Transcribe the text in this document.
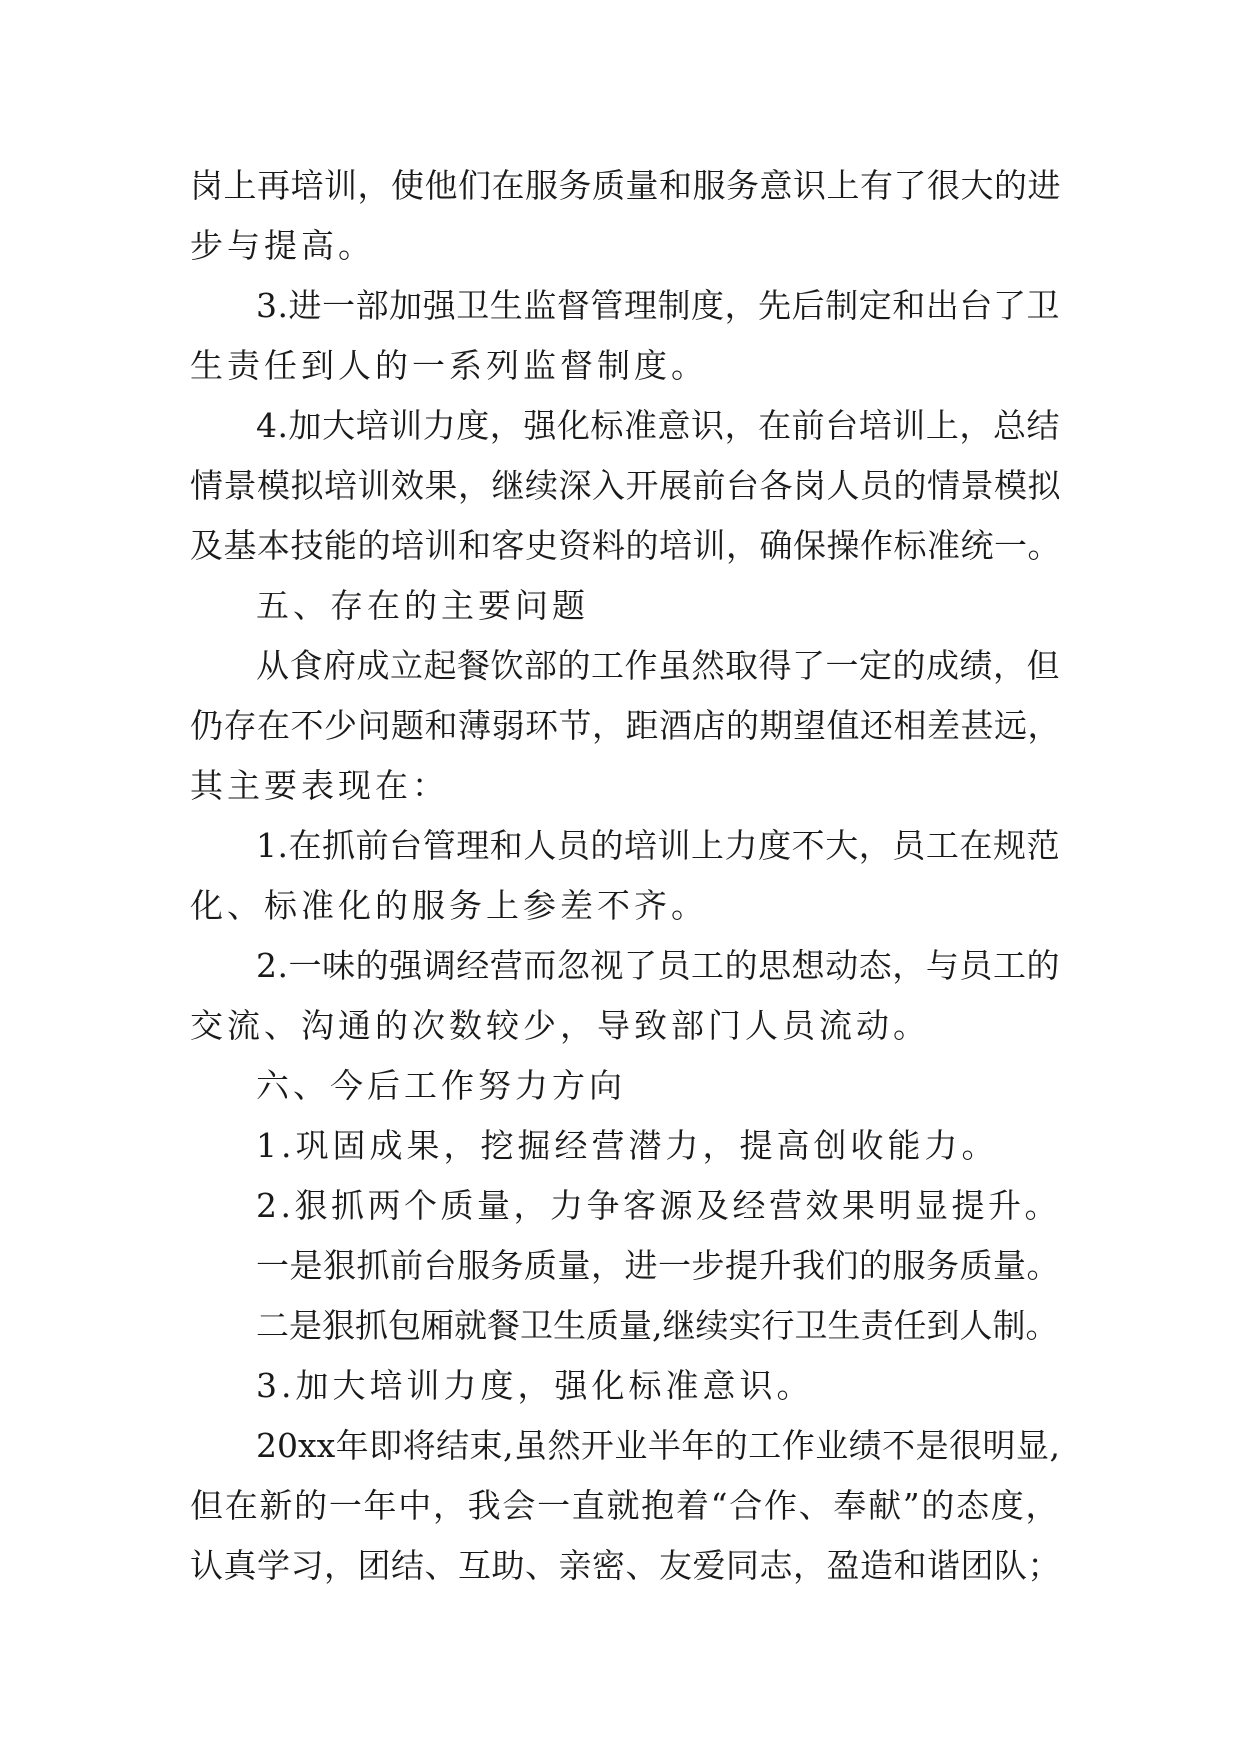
岗上再培训，使他们在服务质量和服务意识上有了很大的进
步与提高。
3.进一部加强卫生监督管理制度，先后制定和出台了卫
生责任到人的一系列监督制度。
4.加大培训力度，强化标准意识，在前台培训上，总结
情景模拟培训效果，继续深入开展前台各岗人员的情景模拟
及基本技能的培训和客史资料的培训，确保操作标准统一。
五、存在的主要问题
从食府成立起餐饮部的工作虽然取得了一定的成绩，但
仍存在不少问题和薄弱环节，距酒店的期望值还相差甚远，
其主要表现在：
1.在抓前台管理和人员的培训上力度不大，员工在规范
化、标准化的服务上参差不齐。
2.一味的强调经营而忽视了员工的思想动态，与员工的
交流、沟通的次数较少，导致部门人员流动。
六、今后工作努力方向
1.巩固成果，挖掘经营潜力，提高创收能力。
2.狠抓两个质量，力争客源及经营效果明显提升。
一是狠抓前台服务质量，进一步提升我们的服务质量。
二是狠抓包厢就餐卫生质量,继续实行卫生责任到人制。
3.加大培训力度，强化标准意识。
20xx年即将结束,虽然开业半年的工作业绩不是很明显,
但在新的一年中，我会一直就抱着“合作、奉献”的态度，
认真学习，团结、互助、亲密、友爱同志，盈造和谐团队；
